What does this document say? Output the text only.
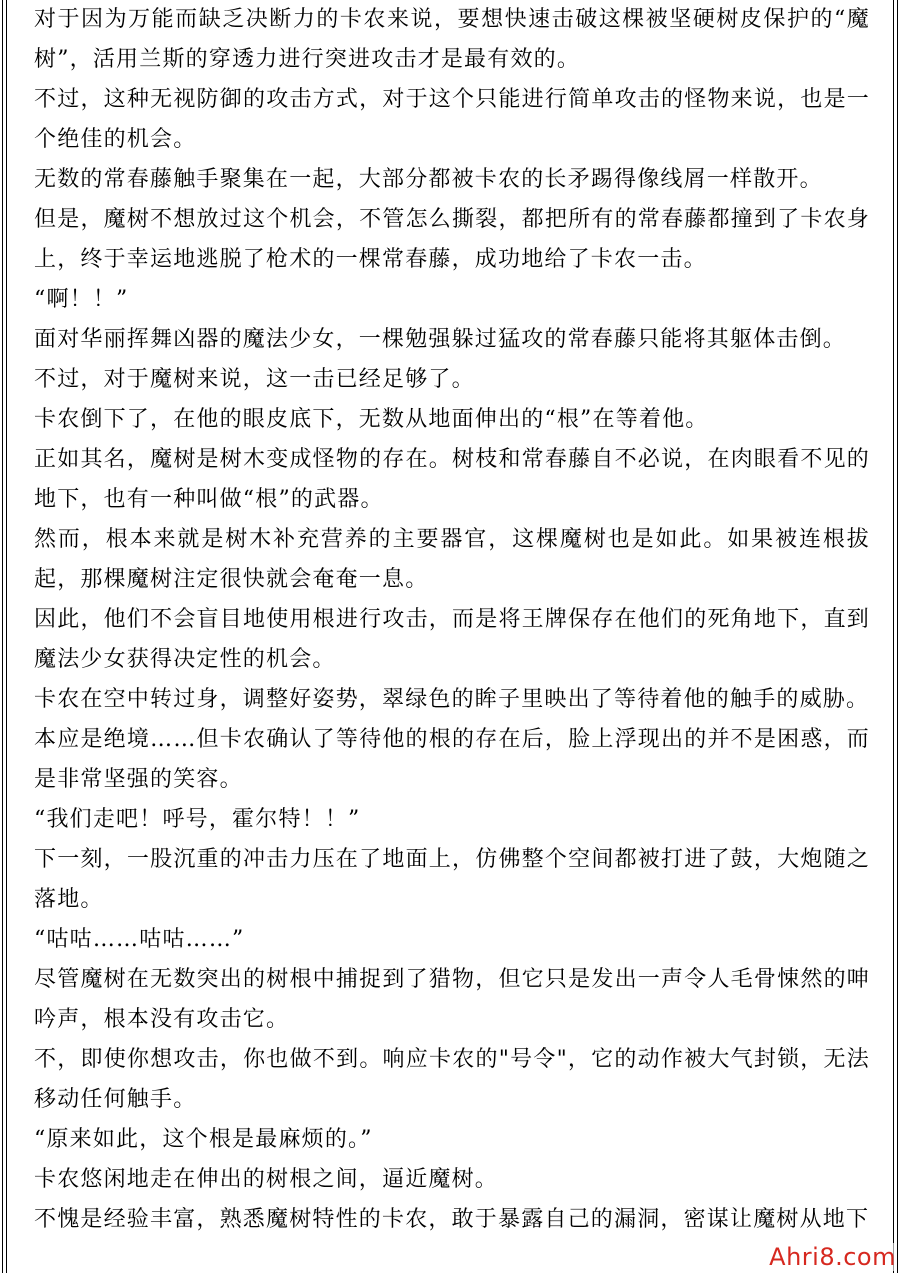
对于因为万能而缺乏决断力的卡农来说，要想快速击破这棵被坚硬树皮保护的“魔树”，活用兰斯的穿透力进行突进攻击才是最有效的。

不过，这种无视防御的攻击方式，对于这个只能进行简单攻击的怪物来说，也是一个绝佳的机会。

无数的常春藤触手聚集在一起，大部分都被卡农的长矛踢得像线屑一样散开。

但是，魔树不想放过这个机会，不管怎么撕裂，都把所有的常春藤都撞到了卡农身上，终于幸运地逃脱了枪术的一棵常春藤，成功地给了卡农一击。

“啊！！”

面对华丽挥舞凶器的魔法少女，一棵勉强躲过猛攻的常春藤只能将其躯体击倒。

不过，对于魔树来说，这一击已经足够了。

卡农倒下了，在他的眼皮底下，无数从地面伸出的“根”在等着他。

正如其名，魔树是树木变成怪物的存在。树枝和常春藤自不必说，在肉眼看不见的地下，也有一种叫做“根”的武器。

然而，根本来就是树木补充营养的主要器官，这棵魔树也是如此。如果被连根拔起，那棵魔树注定很快就会奄奄一息。

因此，他们不会盲目地使用根进行攻击，而是将王牌保存在他们的死角地下，直到魔法少女获得决定性的机会。

卡农在空中转过身，调整好姿势，翠绿色的眸子里映出了等待着他的触手的威胁。

本应是绝境……但卡农确认了等待他的根的存在后，脸上浮现出的并不是困惑，而是非常坚强的笑容。

“我们走吧！呼号，霍尔特！！”

下一刻，一股沉重的冲击力压在了地面上，仿佛整个空间都被打进了鼓，大炮随之落地。

“咕咕……咕咕……”

尽管魔树在无数突出的树根中捕捉到了猎物，但它只是发出一声令人毛骨悚然的呻吟声，根本没有攻击它。

不，即使你想攻击，你也做不到。响应卡农的"号令"，它的动作被大气封锁，无法移动任何触手。

“原来如此，这个根是最麻烦的。”

卡农悠闲地走在伸出的树根之间，逼近魔树。

不愧是经验丰富，熟悉魔树特性的卡农，敢于暴露自己的漏洞，密谋让魔树从地下

Ahri8.com
